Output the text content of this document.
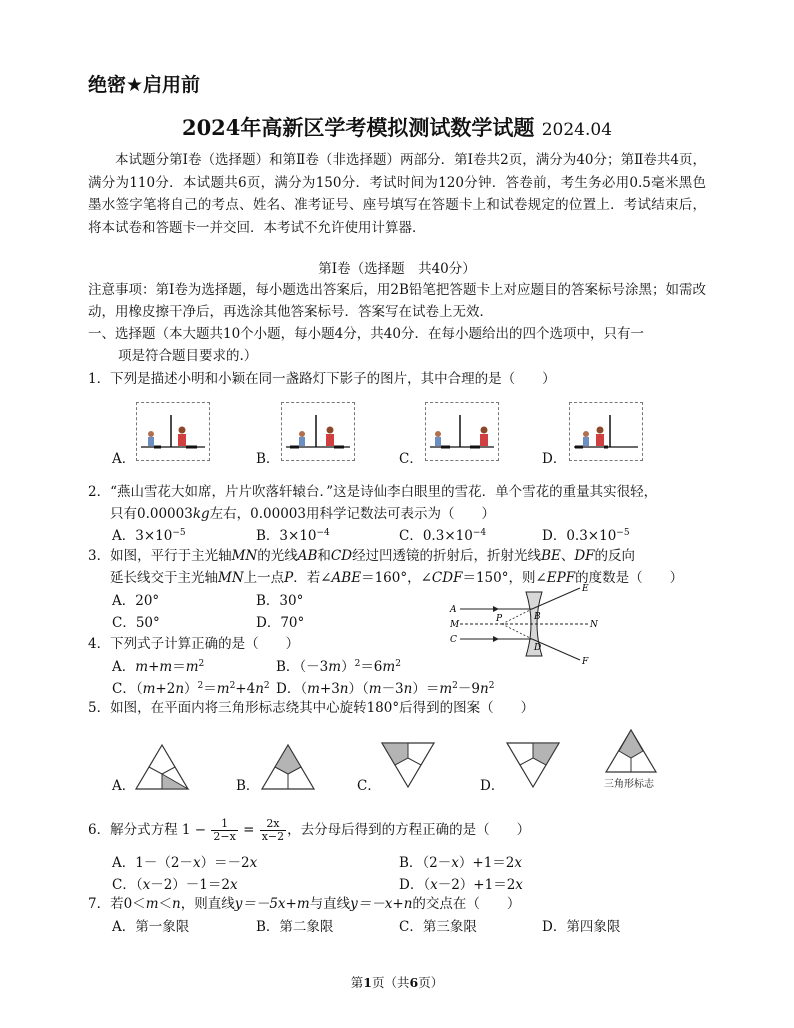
绝密★启用前
2024年高新区学考模拟测试数学试题 2024.04
本试题分第Ⅰ卷（选择题）和第Ⅱ卷（非选择题）两部分．第Ⅰ卷共2页，满分为40分；第Ⅱ卷共4页，满分为110分．本试题共6页，满分为150分．考试时间为120分钟．答卷前，考生务必用0.5毫米黑色墨水签字笔将自己的考点、姓名、准考证号、座号填写在答题卡上和试卷规定的位置上．考试结束后，将本试卷和答题卡一并交回．本考试不允许使用计算器．
第Ⅰ卷（选择题　共40分）
注意事项：第Ⅰ卷为选择题，每小题选出答案后，用2B铅笔把答题卡上对应题目的答案标号涂黑；如需改动，用橡皮擦干净后，再选涂其他答案标号．答案写在试卷上无效．
一、选择题（本大题共10个小题，每小题4分，共40分．在每小题给出的四个选项中，只有一
项是符合题目要求的.）
1．下列是描述小明和小颖在同一盏路灯下影子的图片，其中合理的是（　　）
A．	B．	C．	D．
2．“燕山雪花大如席，片片吹落轩辕台．”这是诗仙李白眼里的雪花．单个雪花的重量其实很轻，
只有0.00003kg左右，0.00003用科学记数法可表示为（　　）
A．$3\times 10^{-5}$	B．$3\times 10^{-4}$	C．$0.3\times 10^{-4}$	D．$0.3\times 10^{-5}$
3．如图，平行于主光轴MN的光线AB和CD经过凹透镜的折射后，折射光线BE、DF的反向
延长线交于主光轴MN上一点P．若∠ABE＝160°，∠CDF＝150°，则∠EPF的度数是（　　）
A．20°	B．30°
C．50°	D．70°
A
M
C
P	B
D
E
N
F
4．下列式子计算正确的是（　　）
A．$m+m=m^2$	B．$(-3m)^2=6m^2$
C．$(m+2n)^2=m^2+4n^2$ D．$(m+3n)(m-3n)=m^2-9n^2$
5．如图，在平面内将三角形标志绕其中心旋转180°后得到的图案（　　）
A．	B．	C．	D．	三角形标志
6．解分式方程 $1 - \frac{1}{2-x} = \frac{2x}{x-2}$ ，去分母后得到的方程正确的是（　　）
A．1－（2－x）＝－2x	B．（2－x）+1＝2x
C．（x－2）－1＝2x	D．（x－2）+1＝2x
7．若0＜m＜n，则直线y＝－5x+m与直线y＝－x+n的交点在（　　）
A．第一象限	B．第二象限	C．第三象限	D．第四象限
第1页（共6页）
